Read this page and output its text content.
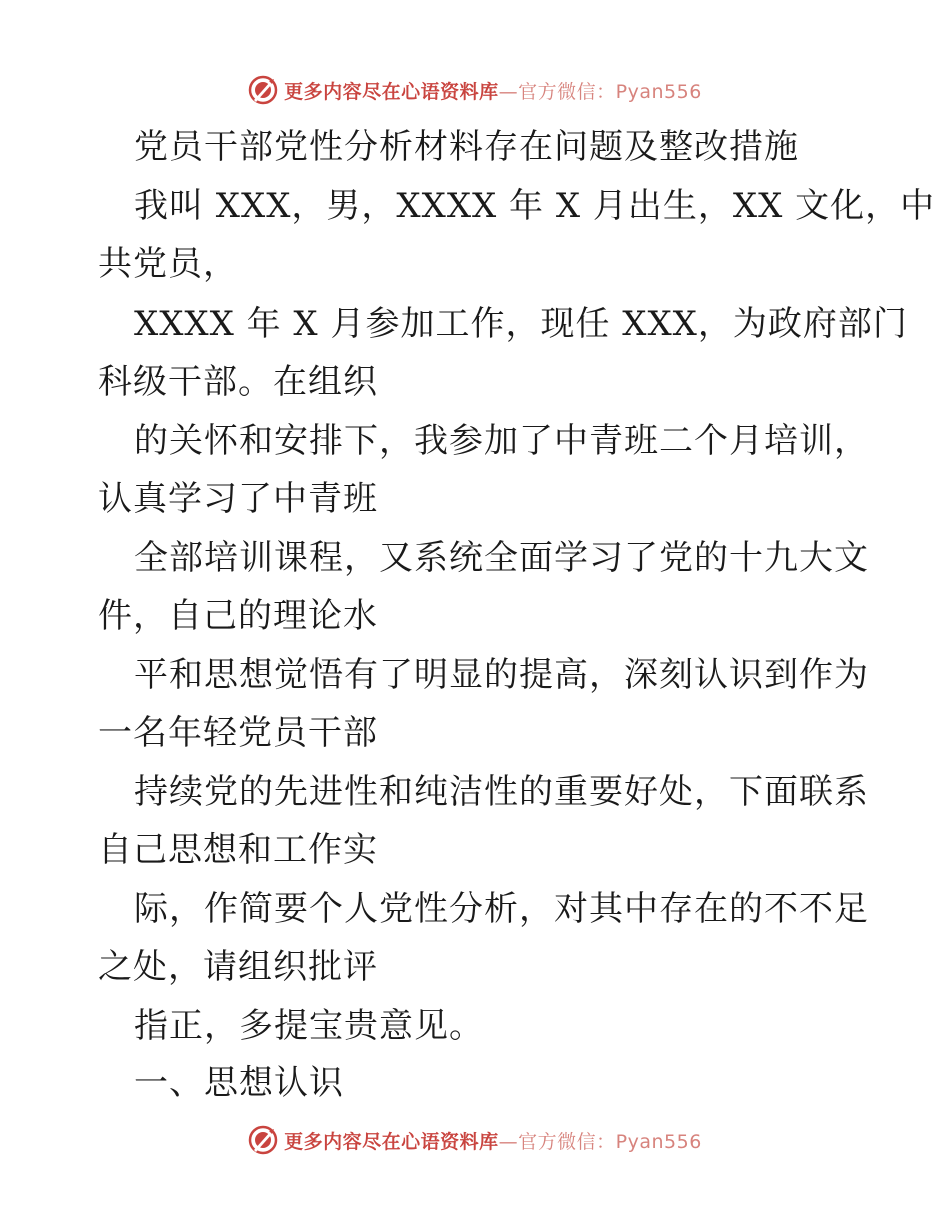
更多内容尽在心语资料库—官方微信：Pyan556
党员干部党性分析材料存在问题及整改措施
我叫 XXX，男，XXXX 年 X 月出生，XX 文化，中
共党员，
XXXX 年 X 月参加工作，现任 XXX，为政府部门
科级干部。在组织
的关怀和安排下，我参加了中青班二个月培训，
认真学习了中青班
全部培训课程，又系统全面学习了党的十九大文
件，自己的理论水
平和思想觉悟有了明显的提高，深刻认识到作为
一名年轻党员干部
持续党的先进性和纯洁性的重要好处，下面联系
自己思想和工作实
际，作简要个人党性分析，对其中存在的不不足
之处，请组织批评
指正，多提宝贵意见。
一、思想认识
更多内容尽在心语资料库—官方微信：Pyan556
